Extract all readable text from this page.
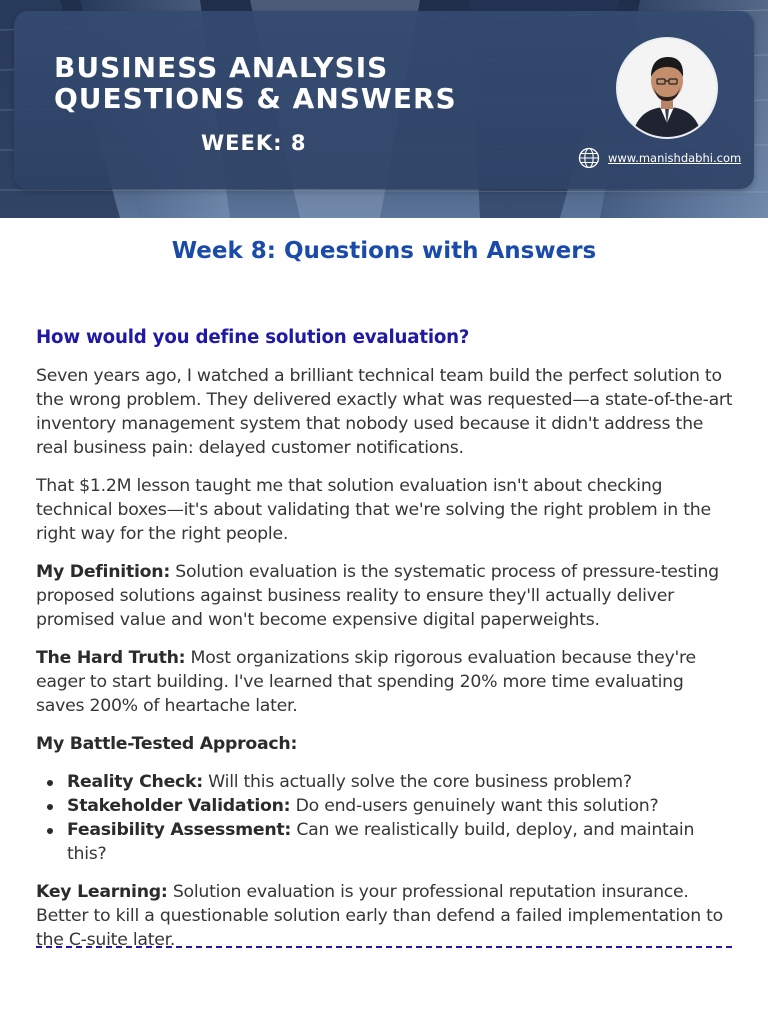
BUSINESS ANALYSIS
QUESTIONS & ANSWERS
WEEK: 8
www.manishdabhi.com
Week 8: Questions with Answers
How would you define solution evaluation?

Seven years ago, I watched a brilliant technical team build the perfect solution to the wrong problem. They delivered exactly what was requested—a state-of-the-art inventory management system that nobody used because it didn't address the real business pain: delayed customer notifications.

That $1.2M lesson taught me that solution evaluation isn't about checking technical boxes—it's about validating that we're solving the right problem in the right way for the right people.

My Definition: Solution evaluation is the systematic process of pressure-testing proposed solutions against business reality to ensure they'll actually deliver promised value and won't become expensive digital paperweights.

The Hard Truth: Most organizations skip rigorous evaluation because they're eager to start building. I've learned that spending 20% more time evaluating saves 200% of heartache later.

My Battle-Tested Approach:

Reality Check: Will this actually solve the core business problem?
Stakeholder Validation: Do end-users genuinely want this solution?
Feasibility Assessment: Can we realistically build, deploy, and maintain this?

Key Learning: Solution evaluation is your professional reputation insurance. Better to kill a questionable solution early than defend a failed implementation to the C-suite later.
